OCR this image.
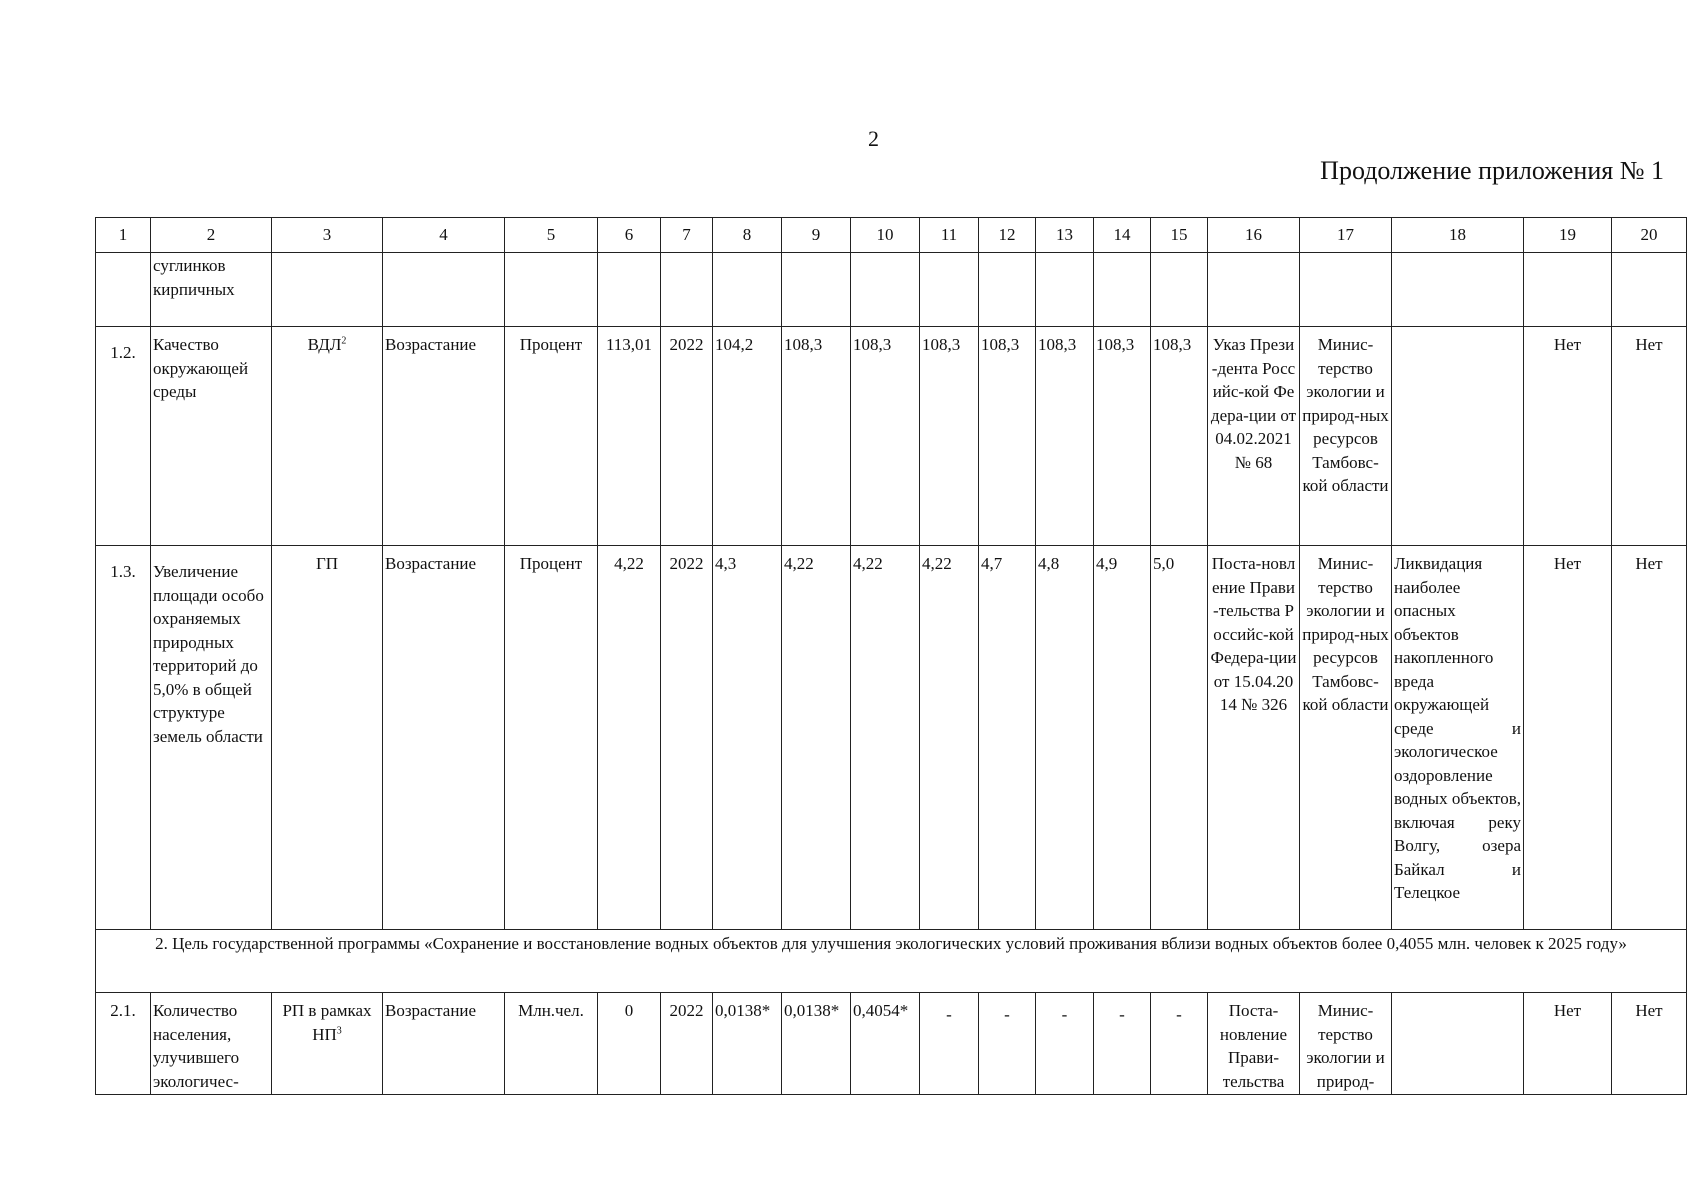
2
Продолжение приложения № 1
1	2	3	4	5	6	7	8	9	10	11	12	13	14	15	16	17	18	19	20
	суглинков кирпичных																		
1.2.	Качество окружающей среды	ВДЛ$^2$	Возрастание	Процент	113,01	2022	104,2	108,3	108,3	108,3	108,3	108,3	108,3	108,3	Указ Прези-дента Российс-кой Федера-ции от 04.02.2021 № 68	Минис-терство экологии и природ-ных ресурсов Тамбовс-кой области		Нет	Нет
1.3.	Увеличение площади особо охраняемых природных территорий до 5,0% в общей структуре земель области	ГП	Возрастание	Процент	4,22	2022	4,3	4,22	4,22	4,22	4,7	4,8	4,9	5,0	Поста-новление Прави-тельства Российс-кой Федера-ции от 15.04.2014 № 326	Минис-терство экологии и природ-ных ресурсов Тамбовс-кой области	Ликвидация наиболее опасных объектов накопленного вреда окружающей среде и экологическое оздоровление водных объектов, включая реку Волгу, озера Байкал и Телецкое	Нет	Нет
2. Цель государственной программы «Сохранение и восстановление водных объектов для улучшения экологических условий проживания вблизи водных объектов более 0,4055 млн. человек к 2025 году»																			
2.1.	Количество населения, улучившего экологичес-	РП в рамках $НП^3$	Возрастание	Млн.чел.	0	2022	0,0138*	0,0138*	0,4054*	-	-	-	-	-	Поста-новление Прави-тельства	Минис-терство экологии и природ-		Нет	Нет
